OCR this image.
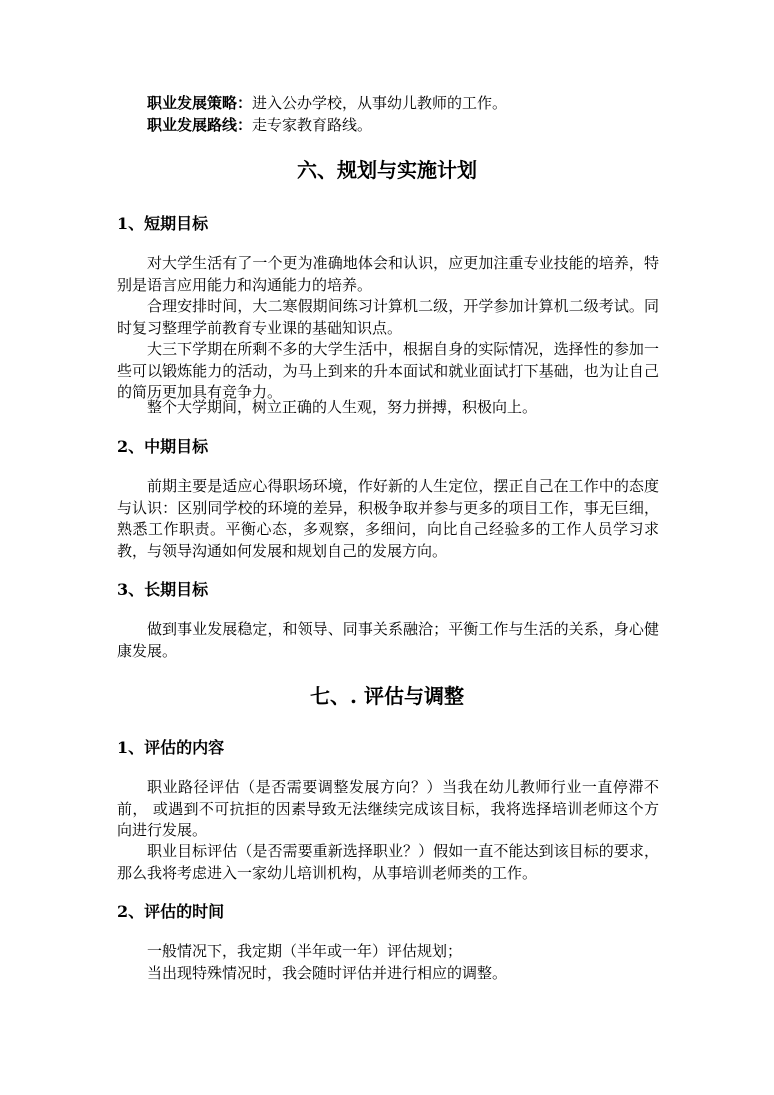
职业发展策略：进入公办学校，从事幼儿教师的工作。
职业发展路线：走专家教育路线。
六、规划与实施计划
1、短期目标
对大学生活有了一个更为准确地体会和认识，应更加注重专业技能的培养，特别是语言应用能力和沟通能力的培养。
合理安排时间，大二寒假期间练习计算机二级，开学参加计算机二级考试。同时复习整理学前教育专业课的基础知识点。
大三下学期在所剩不多的大学生活中，根据自身的实际情况，选择性的参加一些可以锻炼能力的活动，为马上到来的升本面试和就业面试打下基础，也为让自己的简历更加具有竞争力。
整个大学期间，树立正确的人生观，努力拼搏，积极向上。
2、中期目标
前期主要是适应心得职场环境，作好新的人生定位，摆正自己在工作中的态度与认识：区别同学校的环境的差异，积极争取并参与更多的项目工作，事无巨细，熟悉工作职责。平衡心态，多观察，多细问，向比自己经验多的工作人员学习求教，与领导沟通如何发展和规划自己的发展方向。
3、长期目标
做到事业发展稳定，和领导、同事关系融洽；平衡工作与生活的关系，身心健康发展。
七、. 评估与调整
1、评估的内容
职业路径评估（是否需要调整发展方向？）当我在幼儿教师行业一直停滞不前， 或遇到不可抗拒的因素导致无法继续完成该目标，我将选择培训老师这个方向进行发展。
职业目标评估（是否需要重新选择职业？）假如一直不能达到该目标的要求，那么我将考虑进入一家幼儿培训机构，从事培训老师类的工作。
2、评估的时间
一般情况下，我定期（半年或一年）评估规划；
当出现特殊情况时，我会随时评估并进行相应的调整。
